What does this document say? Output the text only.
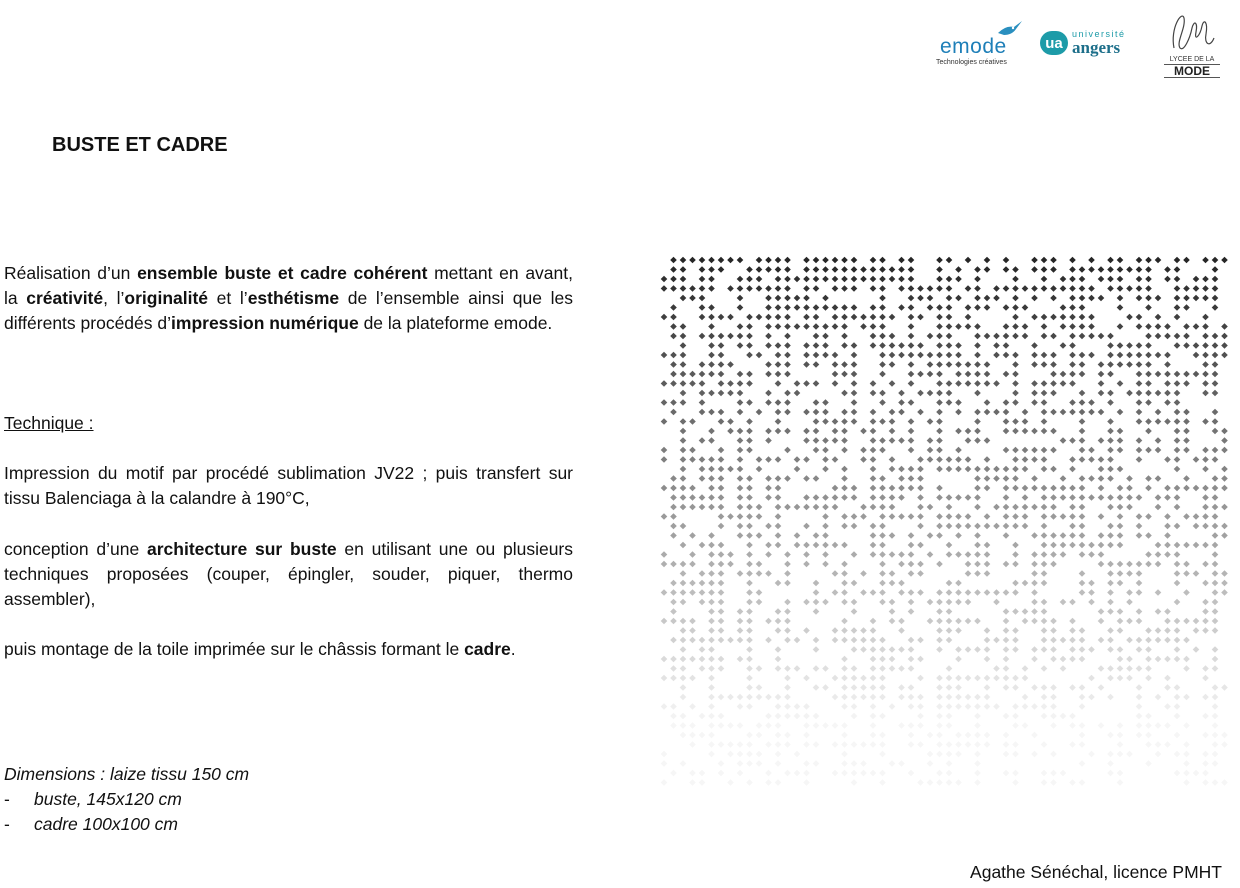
emode
Technologies créatives
ua
université
angers
LYCEE DE LA
MODE
BUSTE ET CADRE

Réalisation d’un ensemble buste et cadre cohérent mettant en avant, la créativité, l’originalité et l’esthétisme de l’ensemble ainsi que les différents procédés d’impression numérique de la plateforme emode.

Technique :

Impression du motif par procédé sublimation JV22 ; puis transfert sur tissu Balenciaga à la calandre à 190°C,

conception d’une architecture sur buste en utilisant une ou plusieurs techniques proposées (couper, épingler, souder, piquer, thermo assembler),

puis montage de la toile imprimée sur le châssis formant le cadre.

Dimensions : laize tissu 150 cm
-	buste, 145x120 cm
-	cadre 100x100 cm
Agathe Sénéchal, licence PMHT
